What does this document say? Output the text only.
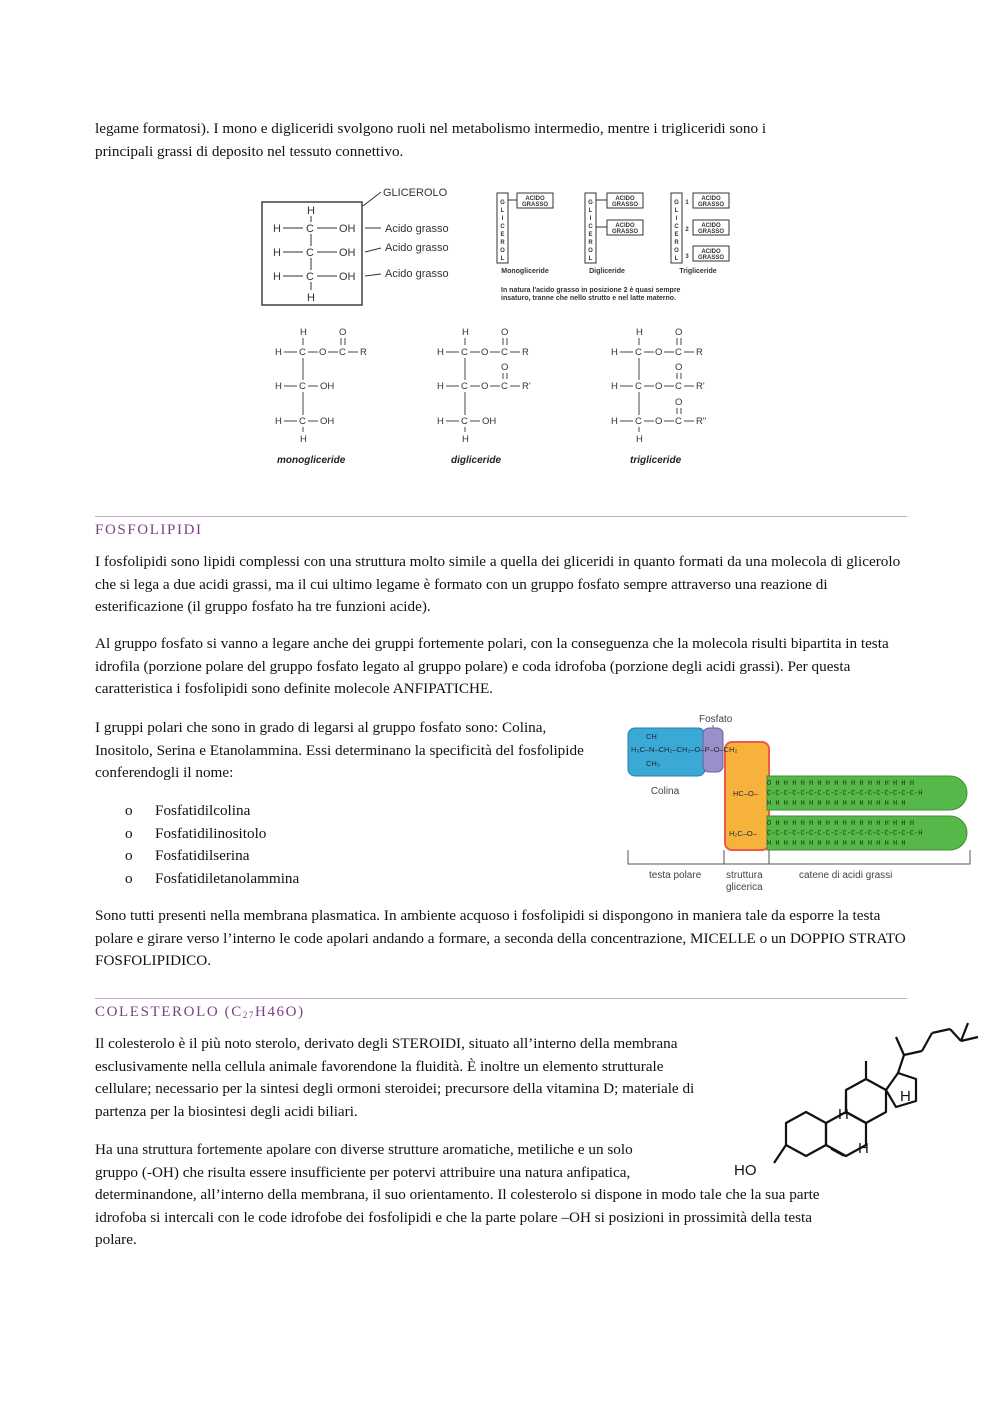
legame formatosi). I mono e digliceridi svolgono ruoli nel metabolismo intermedio, mentre i trigliceridi sono i

principali grassi di deposito nel tessuto connettivo.

GLICEROLO
H
H C OH
H C OH
H C OH
H
Acido grasso
Acido grasso
Acido grasso
G
L
I
C
E
R
O
L
ACIDO
GRASSO
Monogliceride
G
L
I
C
E
R
O
L
ACIDO
GRASSO
ACIDO
GRASSO
Digliceride
G
L
I
C
E
R
O
L
1
2
3
ACIDO
GRASSO
ACIDO
GRASSO
ACIDO
GRASSO
Trigliceride
In natura l'acido grasso in posizione 2 è quasi sempre
insaturo, tranne che nello strutto e nel latte materno.
H
H C O C R
O
H C OH
H C OH
H
H
H C O C R
O
H C O C R'
O
H C OH
H
H
H C O C R
O
H C O C R'
O
H C O C R"
O
H
monogliceride	digliceride	trigliceride

FOSFOLIPIDI

I fosfolipidi sono lipidi complessi con una struttura molto simile a quella dei gliceridi in quanto formati da una molecola di glicerolo che si lega a due acidi grassi, ma il cui ultimo legame è formato con un gruppo fosfato sempre attraverso una reazione di esterificazione (il gruppo fosfato ha tre funzioni acide).

Al gruppo fosfato si vanno a legare anche dei gruppi fortemente polari, con la conseguenza che la molecola risulti bipartita in testa idrofila (porzione polare del gruppo fosfato legato al gruppo polare) e coda idrofoba (porzione degli acidi grassi). Per questa caratteristica i fosfolipidi sono definite molecole ANFIPATICHE.

I gruppi polari che sono in grado di legarsi al gruppo fosfato sono: Colina, Inositolo, Serina e Etanolammina. Essi determinano la specificità del fosfolipide conferendogli il nome:

o Fosfatidilcolina
o Fosfatidilinositolo
o Fosfatidilserina
o Fosfatidiletanolammina
Fosfato
O H H H H H H H H H H H H H H H H H
C-C-C-C-C-C-C-C-C-C-C-C-C-C-C-C-C-C-H
H H H H H H H H H H H H H H H H H
O H H H H H H H H H H H H H H H H H
C-C-C-C-C-C-C-C-C-C-C-C-C-C-C-C-C-C-H
H H H H H H H H H H H H H H H H H
CH
H₃C–N–CH₂–CH₂–O–P–O–CH₂
CH₃
HC–O–
H₂C–O–
Colina
testa polare struttura
glicerica
catene di acidi grassi

Sono tutti presenti nella membrana plasmatica. In ambiente acquoso i fosfolipidi si dispongono in maniera tale da esporre la testa polare e girare verso l’interno le code apolari andando a formare, a seconda della concentrazione, MICELLE o un DOPPIO STRATO FOSFOLIPIDICO.

COLESTEROLO $(C_{27}H46O)$

Il colesterolo è il più noto sterolo, derivato degli STEROIDI, situato all’interno della membrana
esclusivamente nella cellula animale favorendone la fluidità. È inoltre un elemento strutturale
cellulare; necessario per la sintesi degli ormoni steroidei; precursore della vitamina D; materiale di
partenza per la biosintesi degli acidi biliari.
Ha una struttura fortemente apolare con diverse strutture aromatiche, metiliche e un solo
gruppo (-OH) che risulta essere insufficiente per potervi attribuire una natura anfipatica,
determinandone, all’interno della membrana, il suo orientamento. Il colesterolo si dispone in modo tale che la sua parte
idrofoba si intercali con le code idrofobe dei fosfolipidi e che la parte polare –OH si posizioni in prossimità della testa
polare.
HO
H
H
H
